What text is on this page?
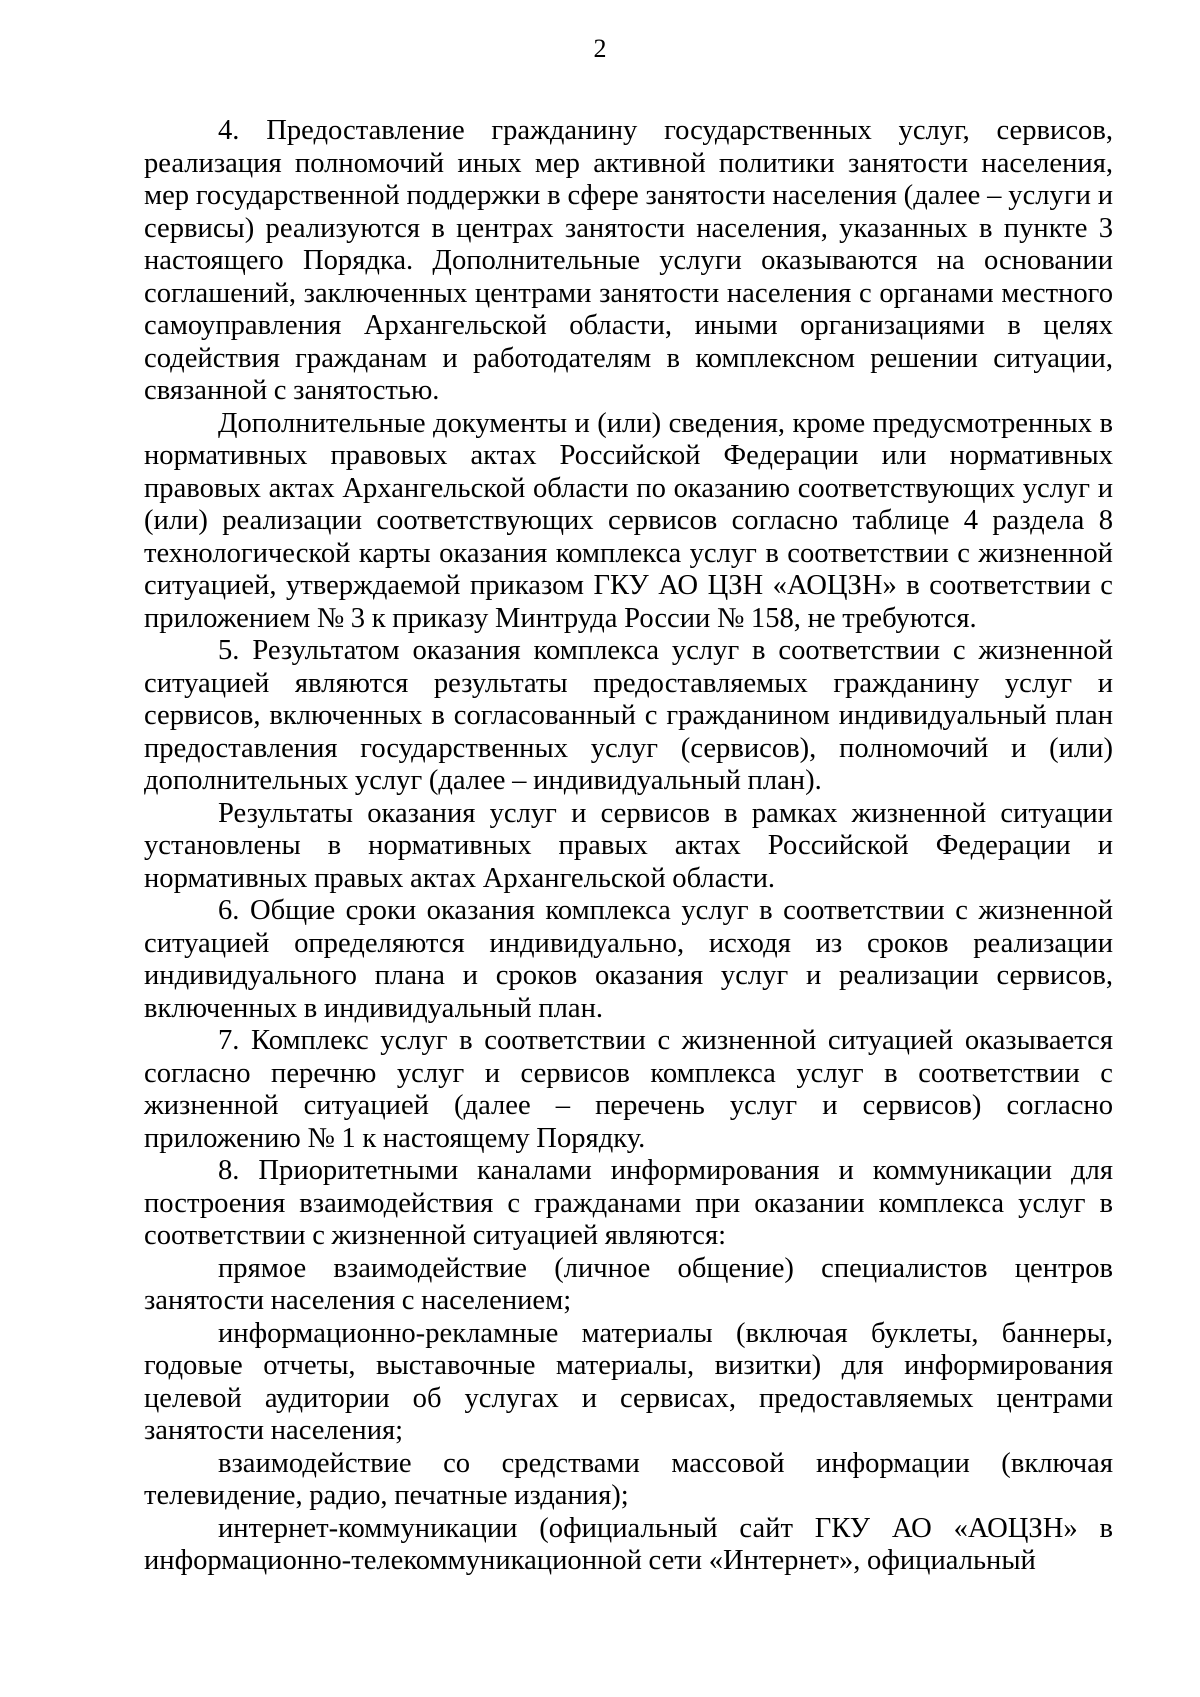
2

4. Предоставление гражданину государственных услуг, сервисов, реализация полномочий иных мер активной политики занятости населения, мер государственной поддержки в сфере занятости населения (далее – услуги и сервисы) реализуются в центрах занятости населения, указанных в пункте 3 настоящего Порядка. Дополнительные услуги оказываются на основании соглашений, заключенных центрами занятости населения с органами местного самоуправления Архангельской области, иными организациями в целях содействия гражданам и работодателям в комплексном решении ситуации, связанной с занятостью.

Дополнительные документы и (или) сведения, кроме предусмотренных в нормативных правовых актах Российской Федерации или нормативных правовых актах Архангельской области по оказанию соответствующих услуг и (или) реализации соответствующих сервисов согласно таблице 4 раздела 8 технологической карты оказания комплекса услуг в соответствии с жизненной ситуацией, утверждаемой приказом ГКУ АО ЦЗН «АОЦЗН» в соответствии с приложением № 3 к приказу Минтруда России № 158, не требуются.

5. Результатом оказания комплекса услуг в соответствии с жизненной ситуацией являются результаты предоставляемых гражданину услуг и сервисов, включенных в согласованный с гражданином индивидуальный план предоставления государственных услуг (сервисов), полномочий и (или) дополнительных услуг (далее – индивидуальный план).

Результаты оказания услуг и сервисов в рамках жизненной ситуации установлены в нормативных правых актах Российской Федерации и нормативных правых актах Архангельской области.

6. Общие сроки оказания комплекса услуг в соответствии с жизненной ситуацией определяются индивидуально, исходя из сроков реализации индивидуального плана и сроков оказания услуг и реализации сервисов, включенных в индивидуальный план.

7. Комплекс услуг в соответствии с жизненной ситуацией оказывается согласно перечню услуг и сервисов комплекса услуг в соответствии с жизненной ситуацией (далее – перечень услуг и сервисов) согласно приложению № 1 к настоящему Порядку.

8. Приоритетными каналами информирования и коммуникации для построения взаимодействия с гражданами при оказании комплекса услуг в соответствии с жизненной ситуацией являются:

прямое взаимодействие (личное общение) специалистов центров занятости населения с населением;

информационно-рекламные материалы (включая буклеты, баннеры, годовые отчеты, выставочные материалы, визитки) для информирования целевой аудитории об услугах и сервисах, предоставляемых центрами занятости населения;

взаимодействие со средствами массовой информации (включая телевидение, радио, печатные издания);

интернет-коммуникации (официальный сайт ГКУ АО «АОЦЗН» в информационно-телекоммуникационной сети «Интернет», официальный
